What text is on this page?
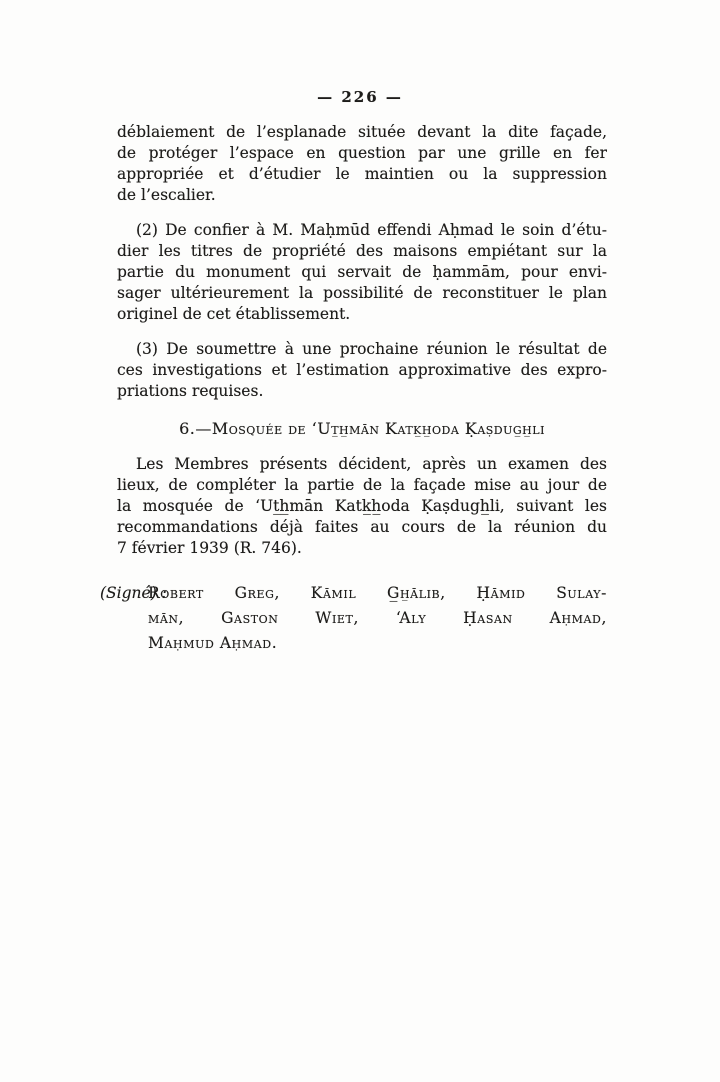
— 226 —
déblaiement de l’esplanade située devant la dite façade,
de protéger l’espace en question par une grille en fer
appropriée et d’étudier le maintien ou la suppression
de l’escalier.
(2) De confier à M. Maḥmūd effendi Aḥmad le soin d’étu-
dier les titres de propriété des maisons empiétant sur la
partie du monument qui servait de ḥammām, pour envi-
sager ultérieurement la possibilité de reconstituer le plan
originel de cet établissement.
(3) De soumettre à une prochaine réunion le résultat de
ces investigations et l’estimation approximative des expro-
priations requises.
6.—Mosquée de ‘Ut̲h̲mān Katk̲h̲oda Ḳaṣdug̲h̲li
Les Membres présents décident, après un examen des
lieux, de compléter la partie de la façade mise au jour de
la mosquée de ‘Ut̲h̲mān Katk̲h̲oda Ḳaṣdug̲h̲li, suivant les
recommandations déjà faites au cours de la réunion du
7 février 1939 (R. 746).
(Signé) :
Robert Greg, Kāmil G̲h̲ālib, Ḥāmid Sulay-
mān, Gaston Wiet, ‘Aly Ḥasan Aḥmad,
Maḥmud Aḥmad.
